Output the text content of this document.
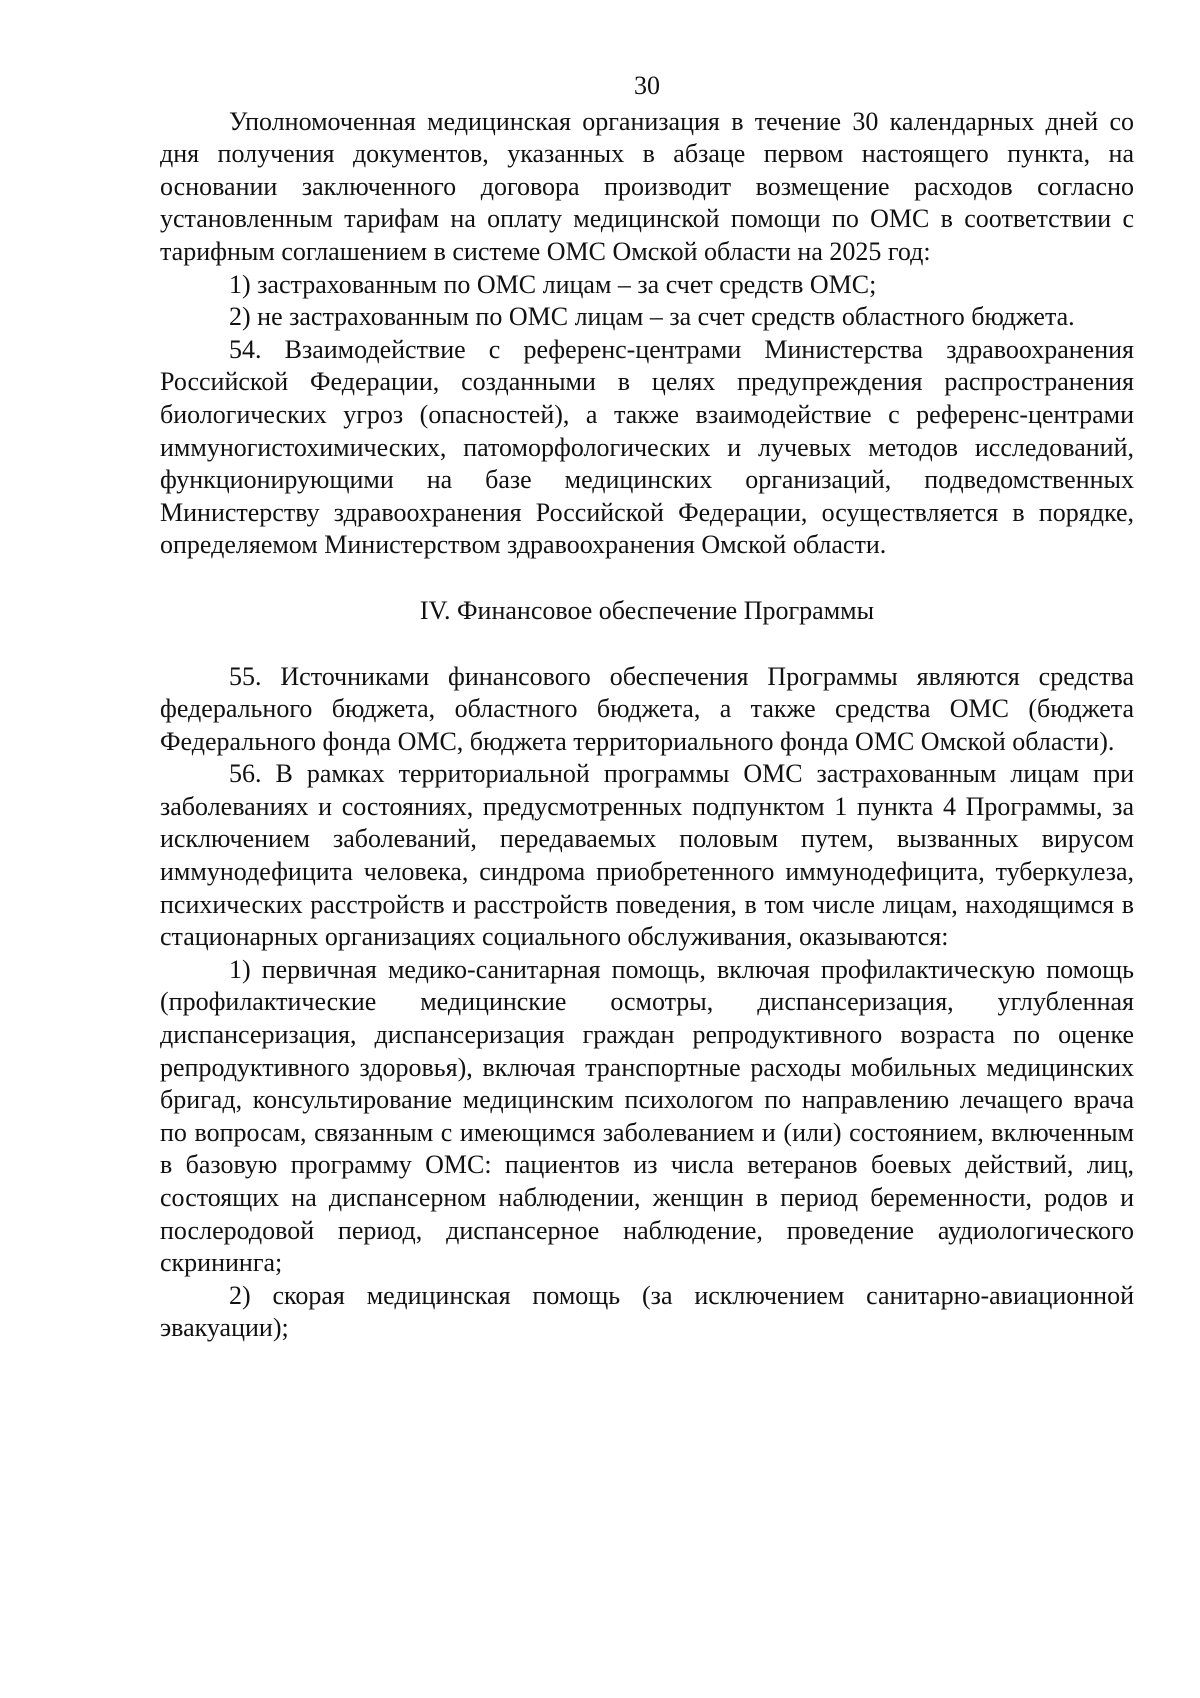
30

Уполномоченная медицинская организация в течение 30 календарных дней со дня получения документов, указанных в абзаце первом настоящего пункта, на основании заключенного договора производит возмещение расходов согласно установленным тарифам на оплату медицинской помощи по ОМС в соответствии с тарифным соглашением в системе ОМС Омской области на 2025 год:

1) застрахованным по ОМС лицам – за счет средств ОМС;

2) не застрахованным по ОМС лицам – за счет средств областного бюджета.

54. Взаимодействие с референс-центрами Министерства здравоохранения Российской Федерации, созданными в целях предупреждения распространения биологических угроз (опасностей), а также взаимодействие с референс-центрами иммуногистохимических, патоморфологических и лучевых методов исследований, функционирующими на базе медицинских организаций, подведомственных Министерству здравоохранения Российской Федерации, осуществляется в порядке, определяемом Министерством здравоохранения Омской области.

IV. Финансовое обеспечение Программы

55. Источниками финансового обеспечения Программы являются средства федерального бюджета, областного бюджета, а также средства ОМС (бюджета Федерального фонда ОМС, бюджета территориального фонда ОМС Омской области).

56. В рамках территориальной программы ОМС застрахованным лицам при заболеваниях и состояниях, предусмотренных подпунктом 1 пункта 4 Программы, за исключением заболеваний, передаваемых половым путем, вызванных вирусом иммунодефицита человека, синдрома приобретенного иммунодефицита, туберкулеза, психических расстройств и расстройств поведения, в том числе лицам, находящимся в стационарных организациях социального обслуживания, оказываются:

1) первичная медико-санитарная помощь, включая профилактическую помощь (профилактические медицинские осмотры, диспансеризация, углубленная диспансеризация, диспансеризация граждан репродуктивного возраста по оценке репродуктивного здоровья), включая транспортные расходы мобильных медицинских бригад, консультирование медицинским психологом по направлению лечащего врача по вопросам, связанным с имеющимся заболеванием и (или) состоянием, включенным в базовую программу ОМС: пациентов из числа ветеранов боевых действий, лиц, состоящих на диспансерном наблюдении, женщин в период беременности, родов и послеродовой период, диспансерное наблюдение, проведение аудиологического скрининга;

2) скорая медицинская помощь (за исключением санитарно-авиационной эвакуации);
